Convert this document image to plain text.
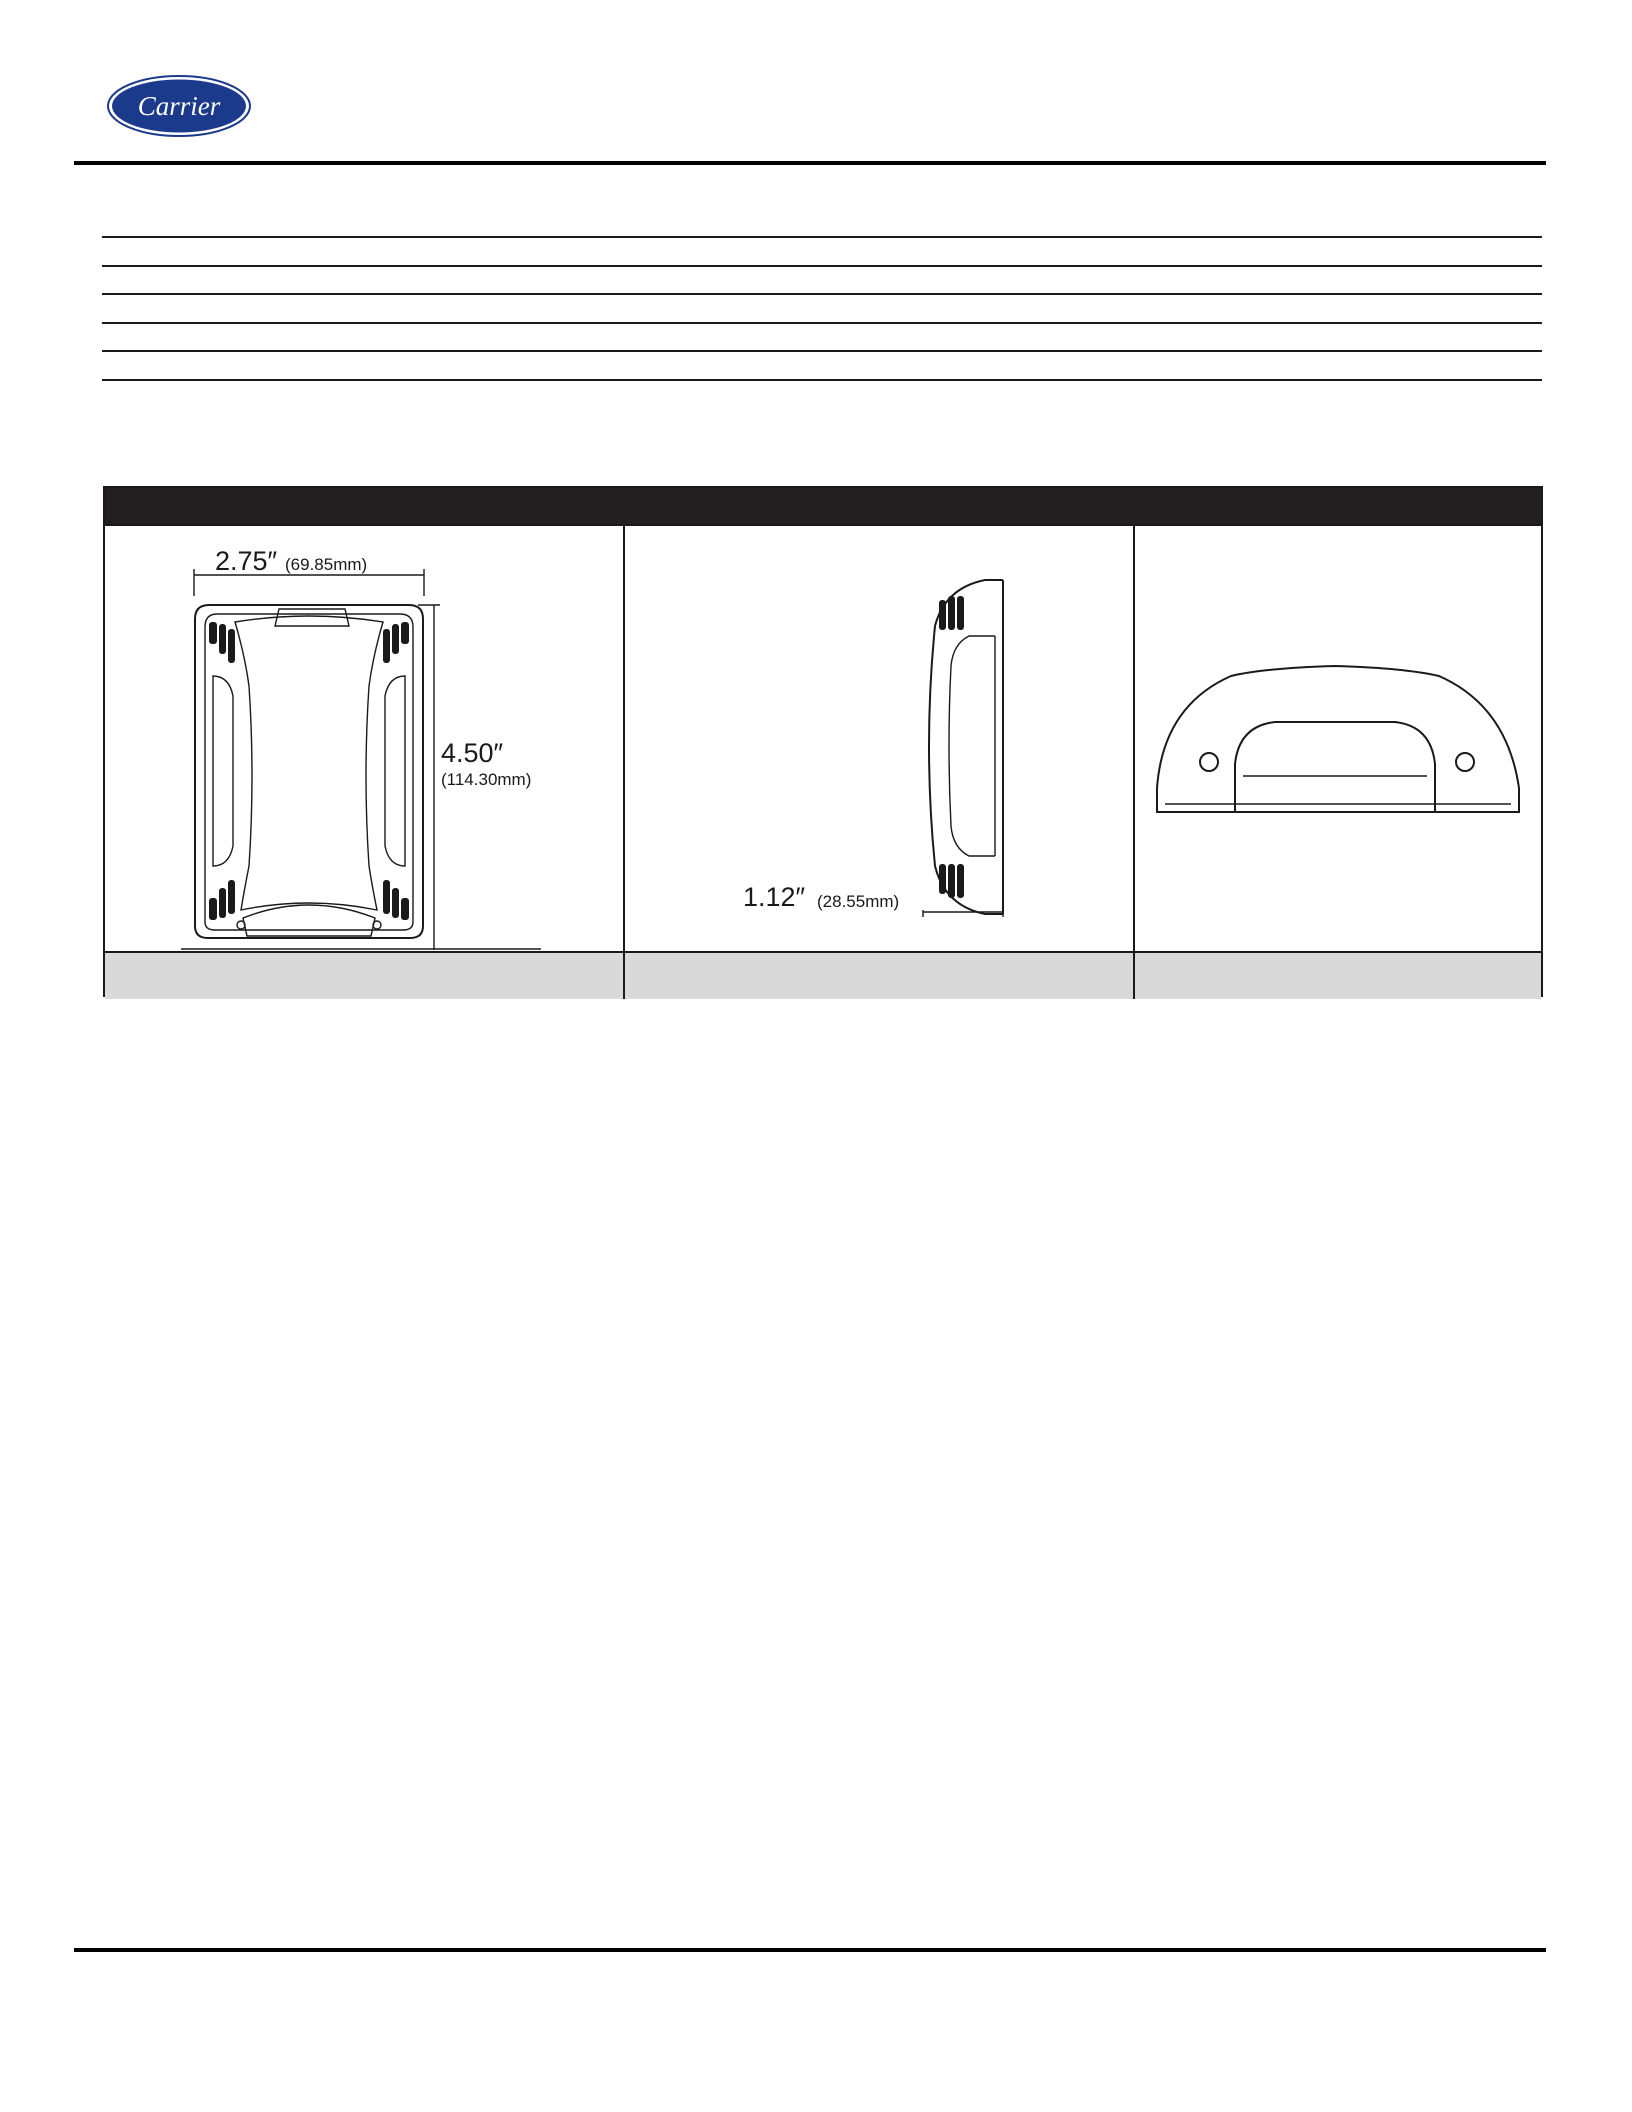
Carrier
2.75″ (69.85mm)
4.50″
(114.30mm)
1.12″ (28.55mm)
